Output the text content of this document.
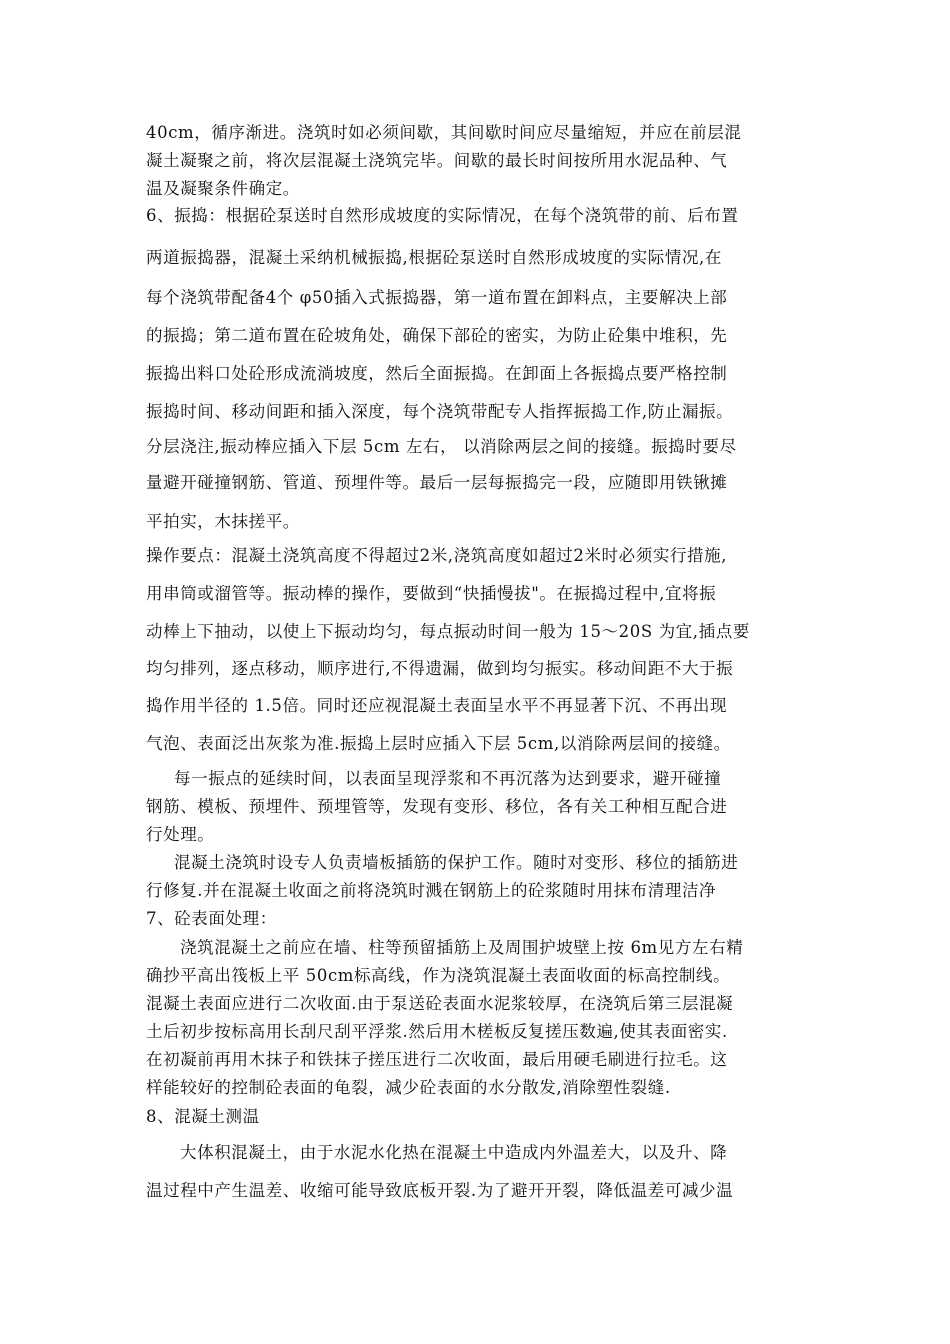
40cm，循序渐进。浇筑时如必须间歇，其间歇时间应尽量缩短，并应在前层混
凝土凝聚之前，将次层混凝土浇筑完毕。间歇的最长时间按所用水泥品种、气
温及凝聚条件确定。
6、振捣：根据砼泵送时自然形成坡度的实际情况，在每个浇筑带的前、后布置
两道振捣器，混凝土采纳机械振捣,根据砼泵送时自然形成坡度的实际情况,在
每个浇筑带配备4个 φ50插入式振捣器，第一道布置在卸料点，主要解决上部
的振捣；第二道布置在砼坡角处，确保下部砼的密实，为防止砼集中堆积，先
振捣出料口处砼形成流淌坡度，然后全面振捣。在卸面上各振捣点要严格控制
振捣时间、移动间距和插入深度，每个浇筑带配专人指挥振捣工作,防止漏振。
分层浇注,振动棒应插入下层 5cm 左右， 以消除两层之间的接缝。振捣时要尽
量避开碰撞钢筋、管道、预埋件等。最后一层每振捣完一段，应随即用铁锹摊
平拍实，木抹搓平。
操作要点：混凝土浇筑高度不得超过2米,浇筑高度如超过2米时必须实行措施,
用串筒或溜管等。振动棒的操作，要做到“快插慢拔"。在振捣过程中,宜将振
动棒上下抽动，以使上下振动均匀，每点振动时间一般为 15～20S 为宜,插点要
均匀排列，逐点移动，顺序进行,不得遗漏，做到均匀振实。移动间距不大于振
捣作用半径的 1.5倍。同时还应视混凝土表面呈水平不再显著下沉、不再出现
气泡、表面泛出灰浆为准.振捣上层时应插入下层 5cm,以消除两层间的接缝。
每一振点的延续时间，以表面呈现浮浆和不再沉落为达到要求，避开碰撞
钢筋、模板、预埋件、预埋管等，发现有变形、移位，各有关工种相互配合进
行处理。
混凝土浇筑时设专人负责墙板插筋的保护工作。随时对变形、移位的插筋进
行修复.并在混凝土收面之前将浇筑时溅在钢筋上的砼浆随时用抹布清理洁净
7、砼表面处理：
浇筑混凝土之前应在墙、柱等预留插筋上及周围护坡壁上按 6m见方左右精
确抄平高出筏板上平 50cm标高线，作为浇筑混凝土表面收面的标高控制线。
混凝土表面应进行二次收面.由于泵送砼表面水泥浆较厚，在浇筑后第三层混凝
土后初步按标高用长刮尺刮平浮浆.然后用木槎板反复搓压数遍,使其表面密实.
在初凝前再用木抹子和铁抹子搓压进行二次收面，最后用硬毛刷进行拉毛。这
样能较好的控制砼表面的龟裂，减少砼表面的水分散发,消除塑性裂缝.
8、混凝土测温
大体积混凝土，由于水泥水化热在混凝土中造成内外温差大，以及升、降
温过程中产生温差、收缩可能导致底板开裂.为了避开开裂，降低温差可减少温
